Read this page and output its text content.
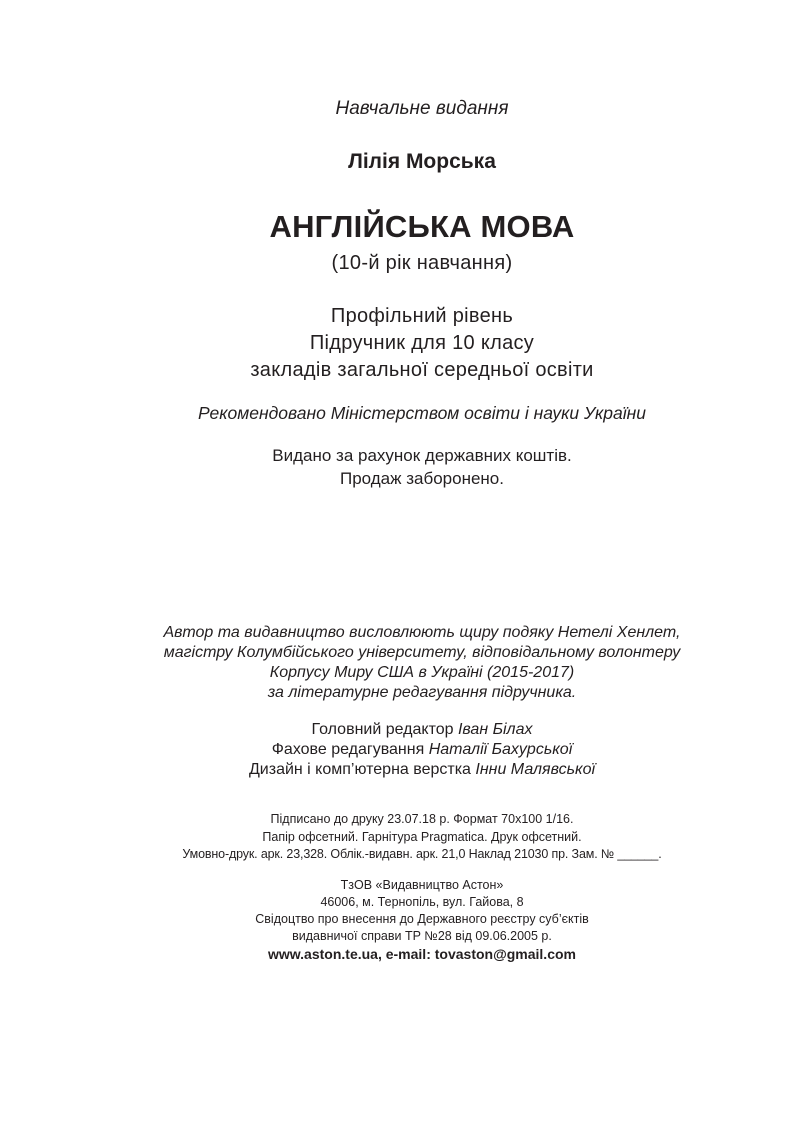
Навчальне видання
Лілія Морська
АНГЛІЙСЬКА МОВА
(10-й рік навчання)
Профільний рівень
Підручник для 10 класу
закладів загальної середньої освіти
Рекомендовано Міністерством освіти і науки України
Видано за рахунок державних коштів.
Продаж заборонено.
Автор та видавництво висловлюють щиру подяку Нетелі Хенлет,
магістру Колумбійського університету, відповідальному волонтеру
Корпусу Миру США в Україні (2015-2017)
за літературне редагування підручника.
Головний редактор Іван Білах
Фахове редагування Наталії Бахурської
Дизайн і комп’ютерна верстка Інни Малявської
Підписано до друку 23.07.18 р. Формат 70x100 1/16.
Папір офсетний. Гарнітура Pragmatica. Друк офсетний.
Умовно-друк. арк. 23,328. Облік.-видавн. арк. 21,0 Наклад 21030 пр. Зам. № ______.
ТзОВ «Видавництво Астон»
46006, м. Тернопіль, вул. Гайова, 8
Свідоцтво про внесення до Державного реєстру суб’єктів
видавничої справи ТР №28 від 09.06.2005 р.
www.aston.te.ua, e-mail: tovaston@gmail.com
